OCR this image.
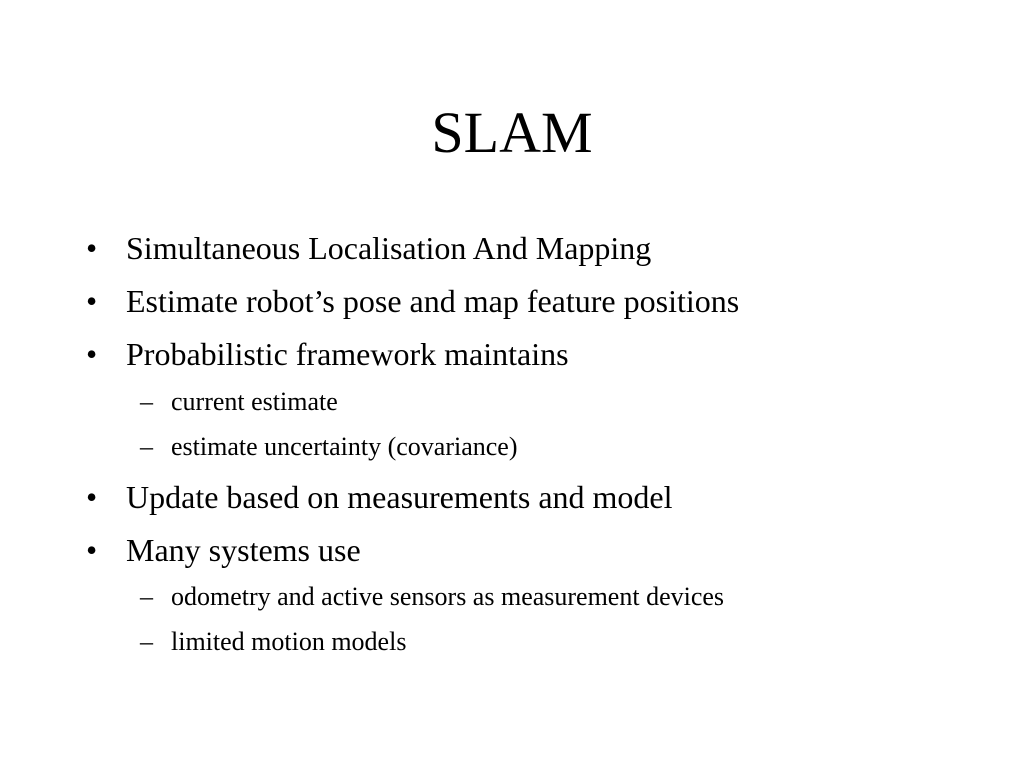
SLAM
• Simultaneous Localisation And Mapping
• Estimate robot’s pose and map feature positions
• Probabilistic framework maintains
– current estimate
– estimate uncertainty (covariance)
• Update based on measurements and model
• Many systems use
– odometry and active sensors as measurement devices
– limited motion models
